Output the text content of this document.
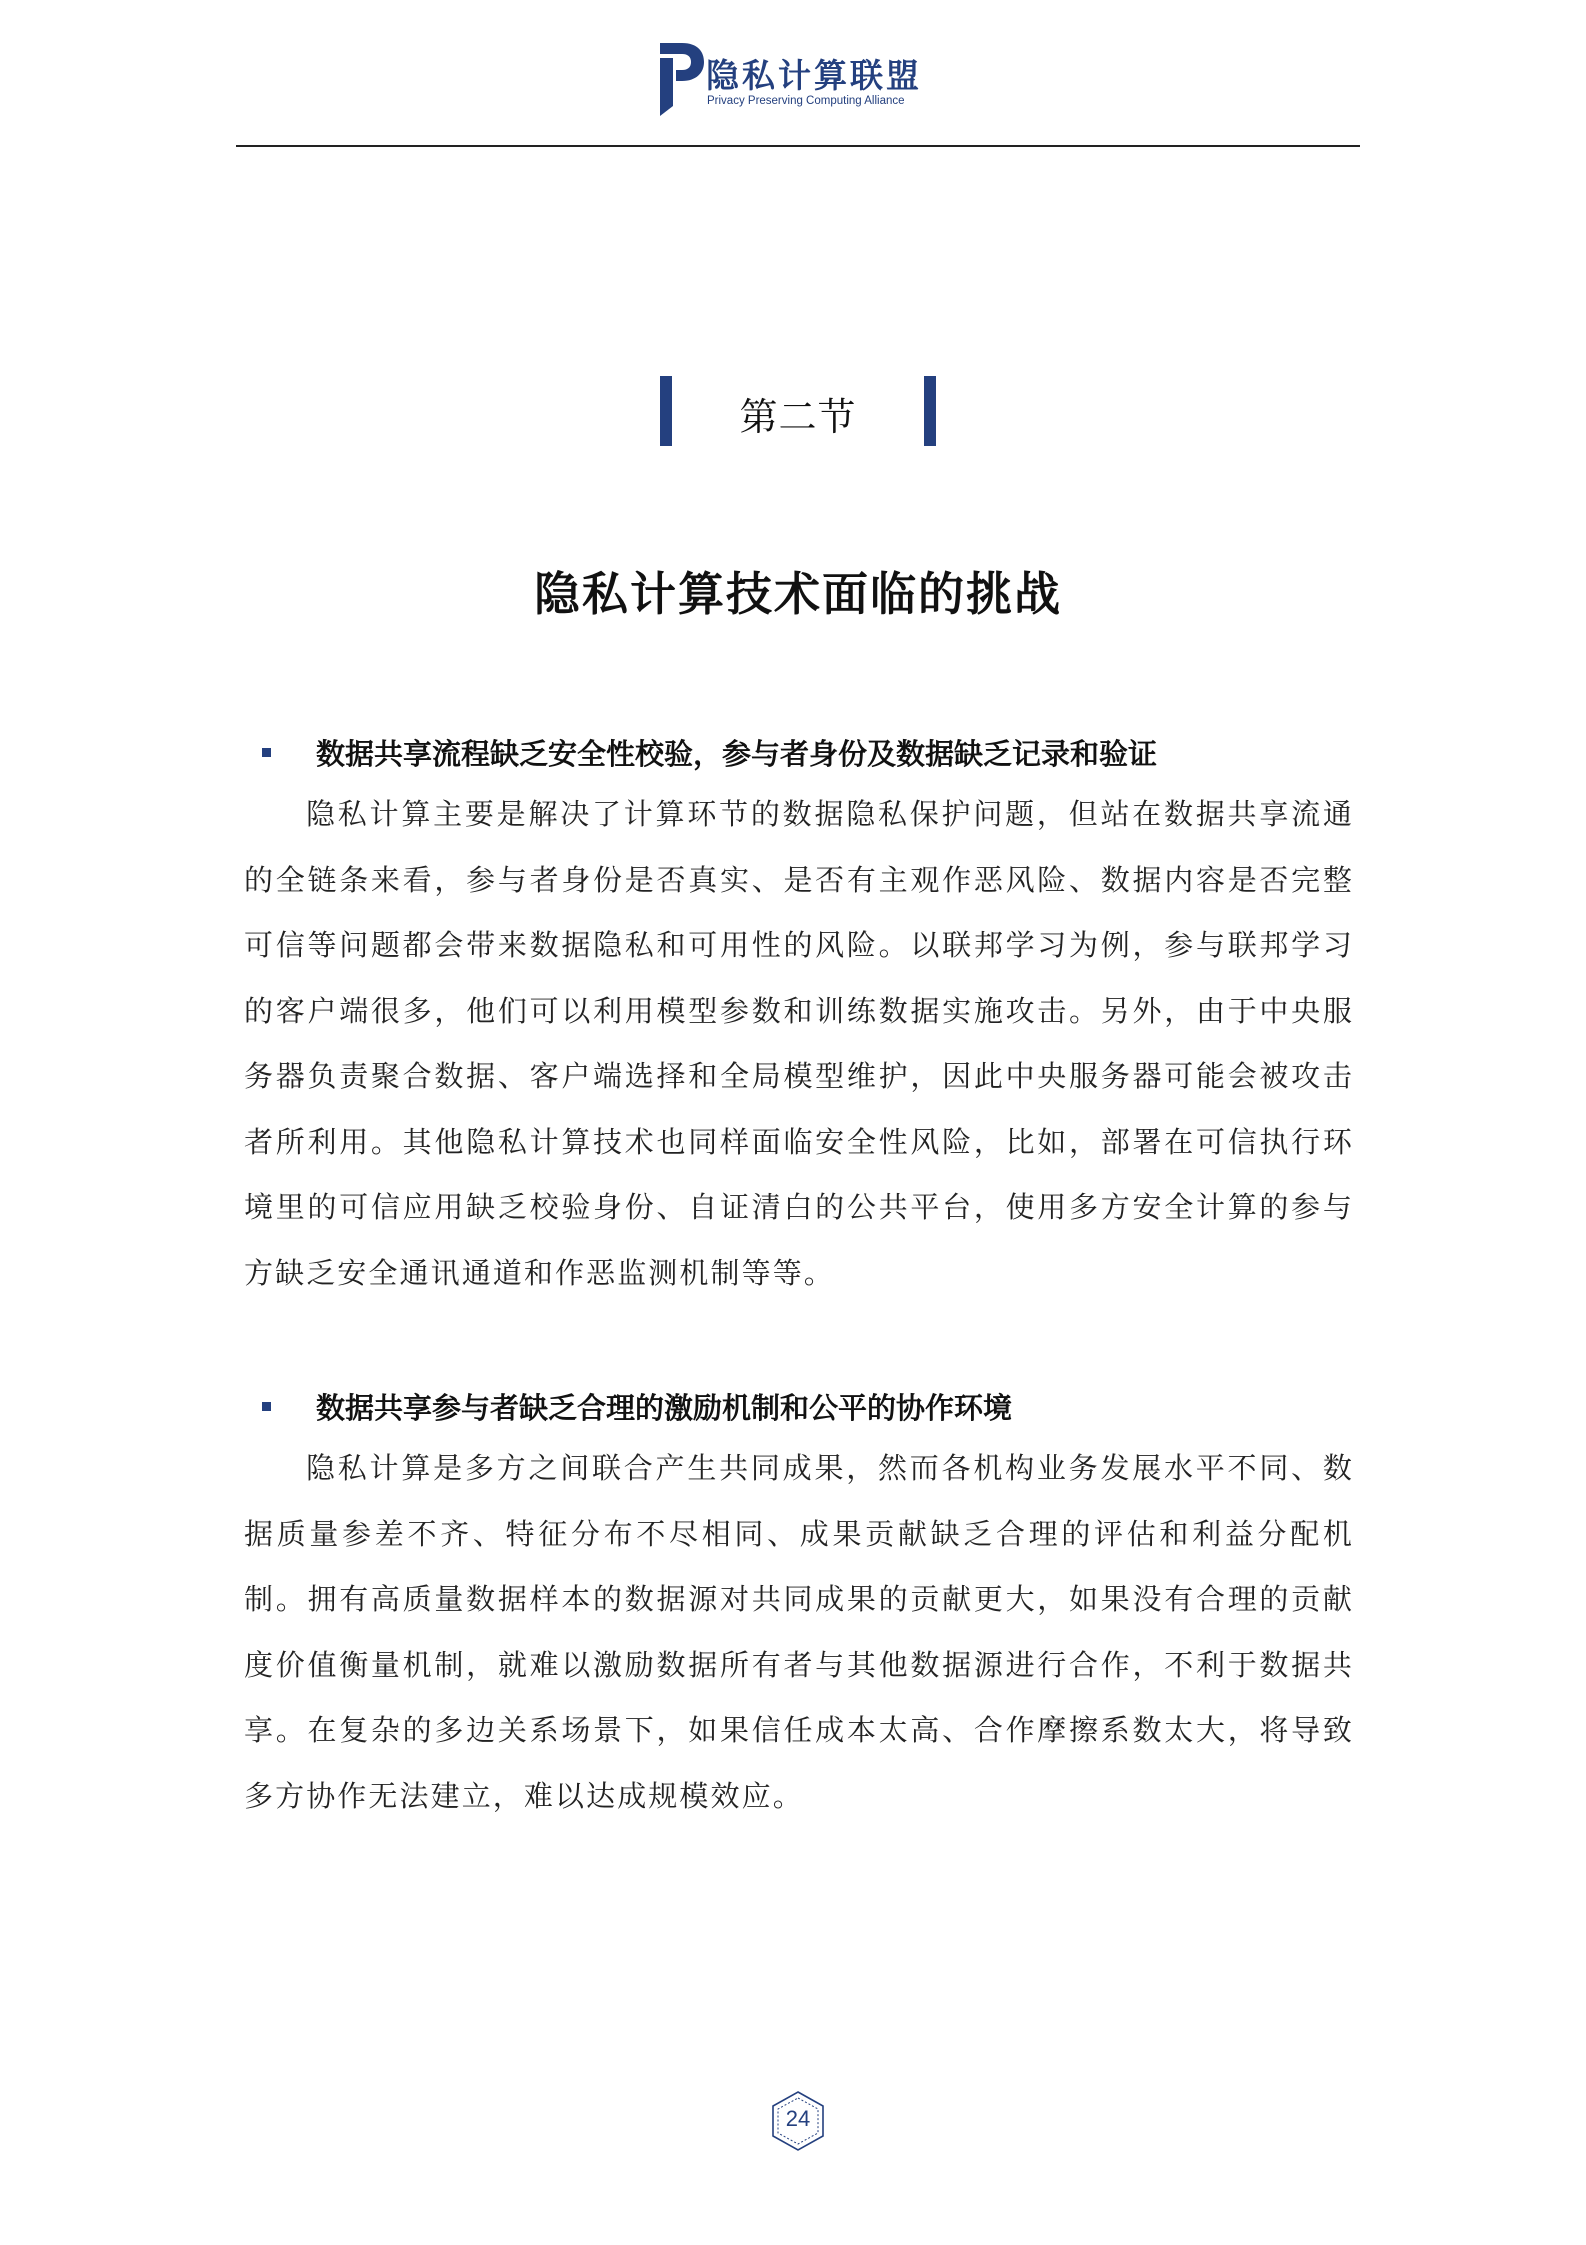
隐私计算联盟
Privacy Preserving Computing Alliance
第二节
隐私计算技术面临的挑战
数据共享流程缺乏安全性校验，参与者身份及数据缺乏记录和验证

隐私计算主要是解决了计算环节的数据隐私保护问题，但站在数据共享流通的全链条来看，参与者身份是否真实、是否有主观作恶风险、数据内容是否完整可信等问题都会带来数据隐私和可用性的风险。以联邦学习为例，参与联邦学习的客户端很多，他们可以利用模型参数和训练数据实施攻击。另外，由于中央服务器负责聚合数据、客户端选择和全局模型维护，因此中央服务器可能会被攻击者所利用。其他隐私计算技术也同样面临安全性风险，比如，部署在可信执行环境里的可信应用缺乏校验身份、自证清白的公共平台，使用多方安全计算的参与方缺乏安全通讯通道和作恶监测机制等等。

数据共享参与者缺乏合理的激励机制和公平的协作环境

隐私计算是多方之间联合产生共同成果，然而各机构业务发展水平不同、数据质量参差不齐、特征分布不尽相同、成果贡献缺乏合理的评估和利益分配机制。拥有高质量数据样本的数据源对共同成果的贡献更大，如果没有合理的贡献度价值衡量机制，就难以激励数据所有者与其他数据源进行合作，不利于数据共享。在复杂的多边关系场景下，如果信任成本太高、合作摩擦系数太大，将导致多方协作无法建立，难以达成规模效应。

24
